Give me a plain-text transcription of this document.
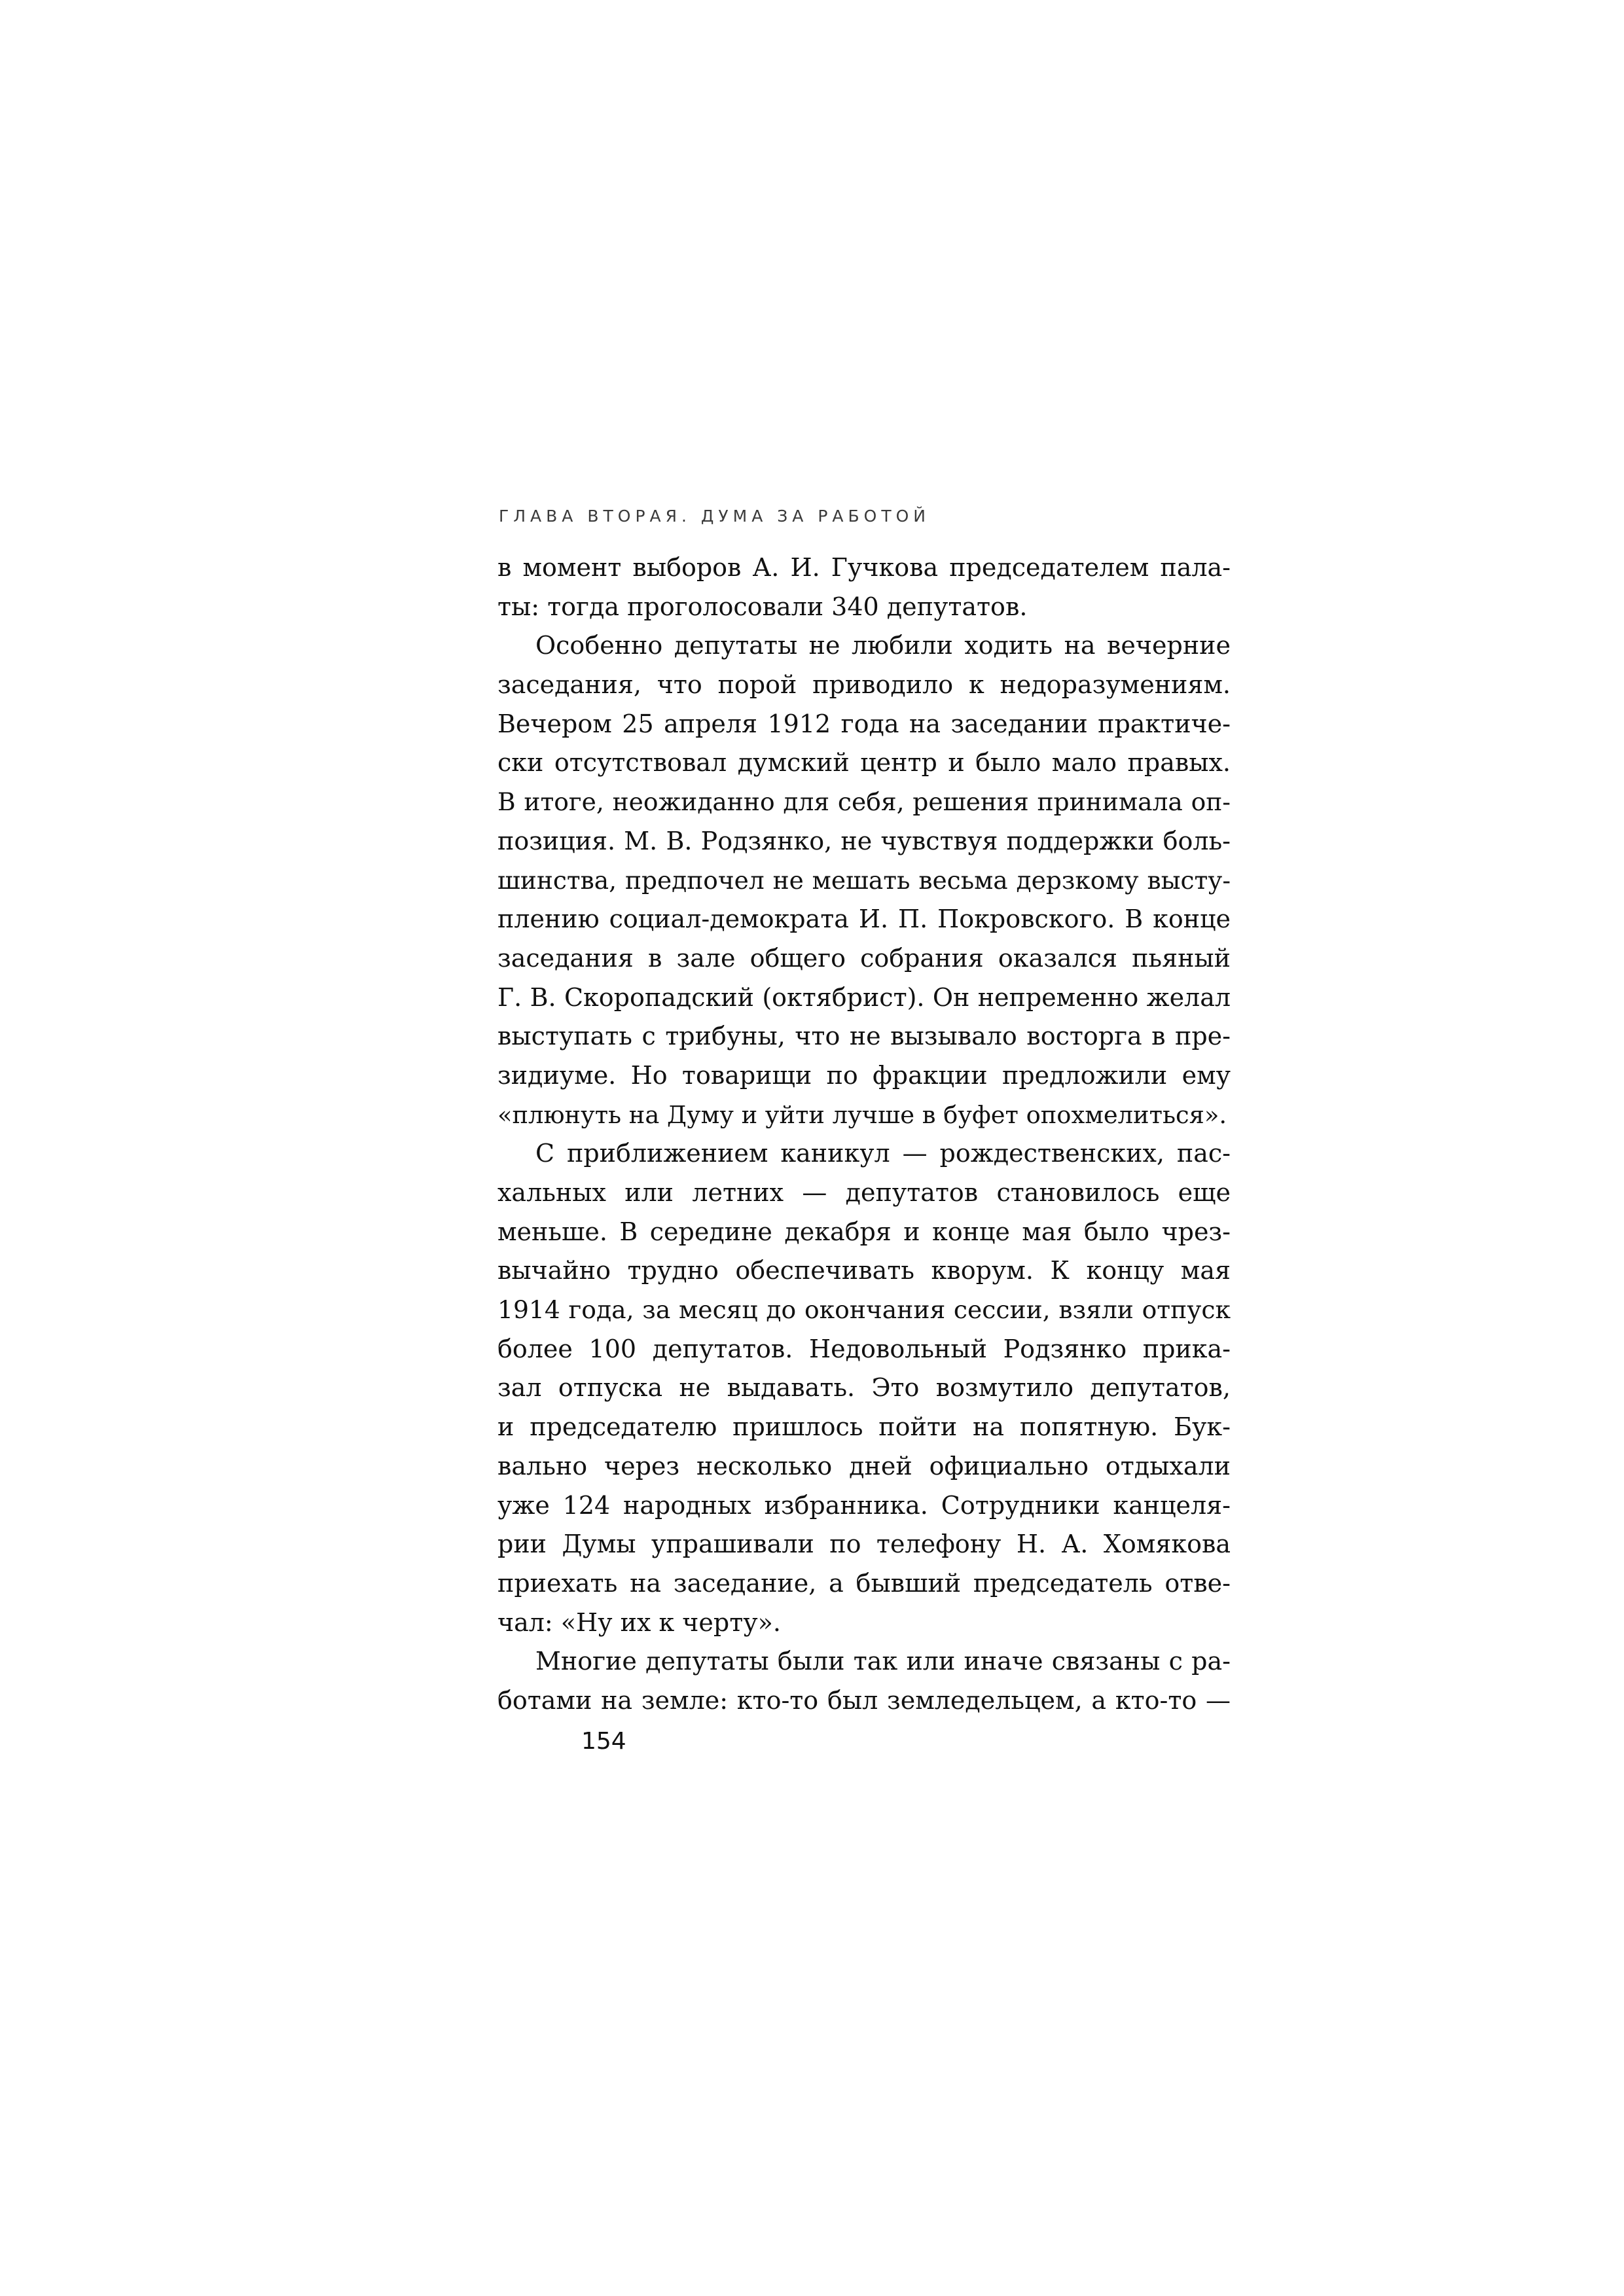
ГЛАВА ВТОРАЯ. ДУМА ЗА РАБОТОЙ
в момент выборов А. И. Гучкова председателем пала-
ты: тогда проголосовали 340 депутатов.
Особенно депутаты не любили ходить на вечерние
заседания, что порой приводило к недоразумениям.
Вечером 25 апреля 1912 года на заседании практиче-
ски отсутствовал думский центр и было мало правых.
В итоге, неожиданно для себя, решения принимала оп-
позиция. М. В. Родзянко, не чувствуя поддержки боль-
шинства, предпочел не мешать весьма дерзкому высту-
плению социал-демократа И. П. Покровского. В конце
заседания в зале общего собрания оказался пьяный
Г. В. Скоропадский (октябрист). Он непременно желал
выступать с трибуны, что не вызывало восторга в пре-
зидиуме. Но товарищи по фракции предложили ему
«плюнуть на Думу и уйти лучше в буфет опохмелиться».
С приближением каникул — рождественских, пас-
хальных или летних — депутатов становилось еще
меньше. В середине декабря и конце мая было чрез-
вычайно трудно обеспечивать кворум. К концу мая
1914 года, за месяц до окончания сессии, взяли отпуск
более 100 депутатов. Недовольный Родзянко прика-
зал отпуска не выдавать. Это возмутило депутатов,
и председателю пришлось пойти на попятную. Бук-
вально через несколько дней официально отдыхали
уже 124 народных избранника. Сотрудники канцеля-
рии Думы упрашивали по телефону Н. А. Хомякова
приехать на заседание, а бывший председатель отве-
чал: «Ну их к черту».
Многие депутаты были так или иначе связаны с ра-
ботами на земле: кто-то был земледельцем, а кто-то —
154
